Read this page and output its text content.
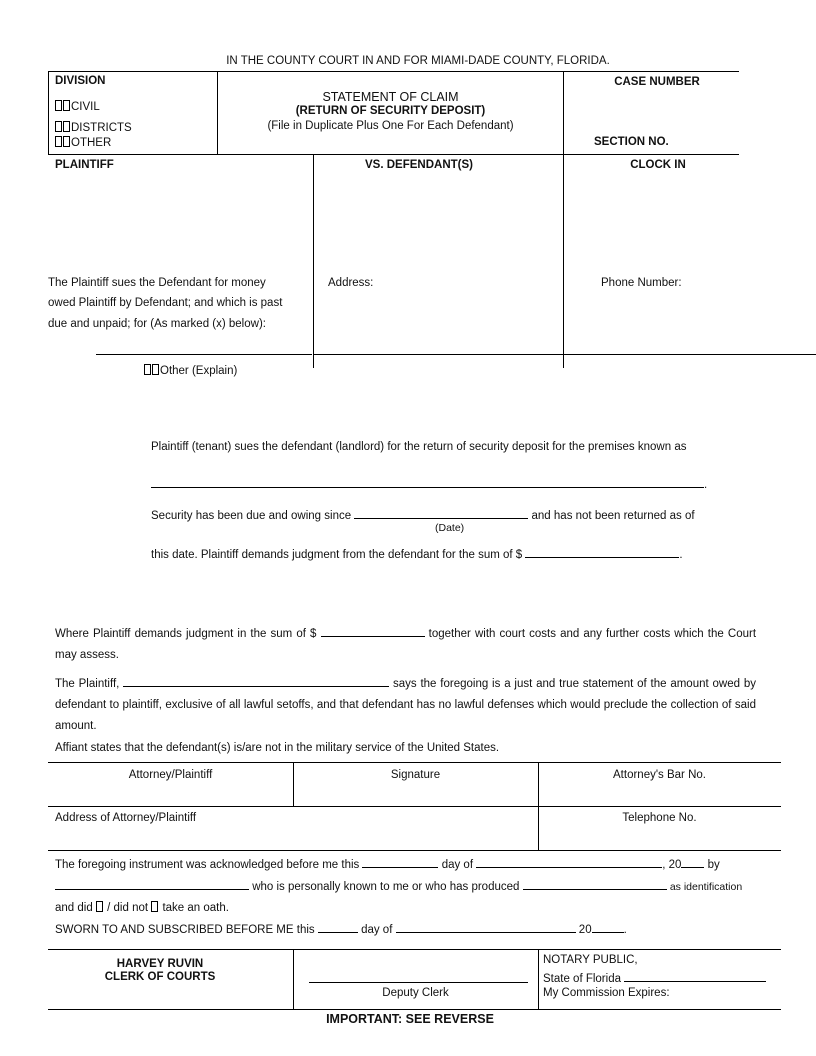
IN THE COUNTY COURT IN AND FOR MIAMI-DADE COUNTY, FLORIDA.
DIVISION
CIVIL
DISTRICTS
OTHER
STATEMENT OF CLAIM
(RETURN OF SECURITY DEPOSIT)
(File in Duplicate Plus One For Each Defendant)
CASE NUMBER
SECTION NO.
PLAINTIFF	VS. DEFENDANT(S)	CLOCK IN
The Plaintiff sues the Defendant for money
owed Plaintiff by Defendant; and which is past
due and unpaid; for (As marked (x) below):
Address:	Phone Number:
Other (Explain)
Plaintiff (tenant) sues the defendant (landlord) for the return of security deposit for the premises known as
.
Security has been due and owing since	and has not been returned as of
(Date)
this date. Plaintiff demands judgment from the defendant for the sum of $	.
Where Plaintiff demands judgment in the sum of $	together with court costs and any further costs which the Court may assess.
The Plaintiff,	says the foregoing is a just and true statement of the amount owed by defendant to plaintiff, exclusive of all lawful setoffs, and that defendant has no lawful defenses which would preclude the collection of said amount.
Affiant states that the defendant(s) is/are not in the military service of the United States.
Attorney/Plaintiff	Signature	Attorney's Bar No.
Address of Attorney/Plaintiff	Telephone No.
The foregoing instrument was acknowledged before me this	day of	, 20 by
who is personally known to me or who has produced	as identification
and did / did not take an oath.
SWORN TO AND SUBSCRIBED BEFORE ME this	day of	20	.
HARVEY RUVIN
CLERK OF COURTS
Deputy Clerk
NOTARY PUBLIC,
State of Florida
My Commission Expires:
IMPORTANT: SEE REVERSE
